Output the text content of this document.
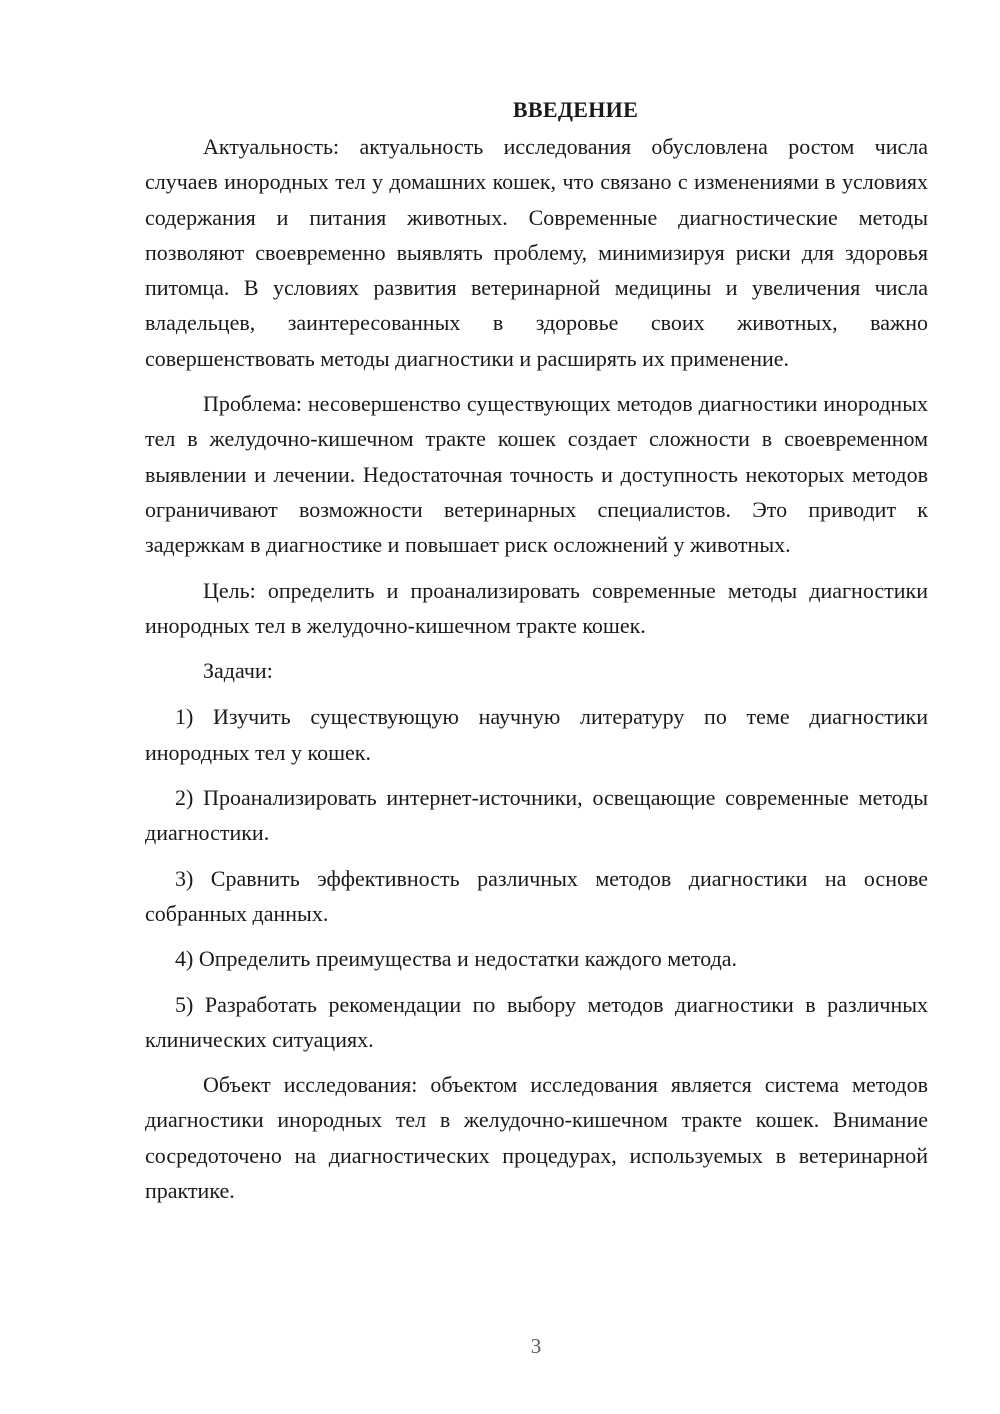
ВВЕДЕНИЕ

Актуальность: актуальность исследования обусловлена ростом числа случаев инородных тел у домашних кошек, что связано с изменениями в условиях содержания и питания животных. Современные диагностические методы позволяют своевременно выявлять проблему, минимизируя риски для здоровья питомца. В условиях развития ветеринарной медицины и увеличения числа владельцев, заинтересованных в здоровье своих животных, важно совершенствовать методы диагностики и расширять их применение.

Проблема: несовершенство существующих методов диагностики инородных тел в желудочно-кишечном тракте кошек создает сложности в своевременном выявлении и лечении. Недостаточная точность и доступность некоторых методов ограничивают возможности ветеринарных специалистов. Это приводит к задержкам в диагностике и повышает риск осложнений у животных.

Цель: определить и проанализировать современные методы диагностики инородных тел в желудочно-кишечном тракте кошек.

Задачи:

1) Изучить существующую научную литературу по теме диагностики инородных тел у кошек.

2) Проанализировать интернет-источники, освещающие современные методы диагностики.

3) Сравнить эффективность различных методов диагностики на основе собранных данных.

4) Определить преимущества и недостатки каждого метода.

5) Разработать рекомендации по выбору методов диагностики в различных клинических ситуациях.

Объект исследования: объектом исследования является система методов диагностики инородных тел в желудочно-кишечном тракте кошек. Внимание сосредоточено на диагностических процедурах, используемых в ветеринарной практике.

3
